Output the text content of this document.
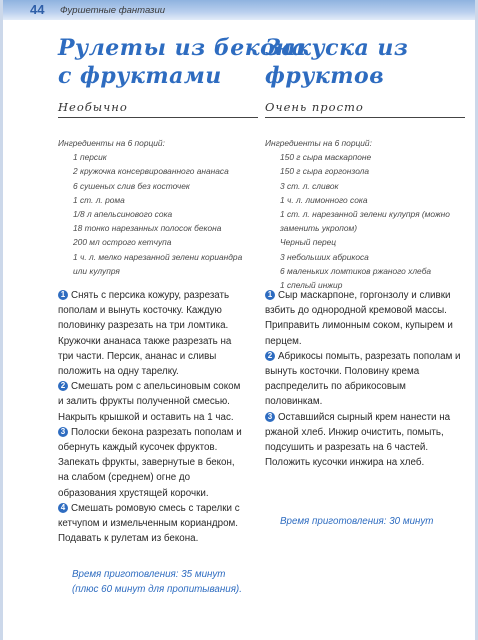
44 Фуршетные фантазии
Рулеты из бекона
с фруктами
Необычно
Ингредиенты на 6 порций:
1 персик
2 кружочка консервированного ананаса
6 сушеных слив без косточек
1 ст. л. рома
1/8 л апельсинового сока
18 тонко нарезанных полосок бекона
200 мл острого кетчупа
1 ч. л. мелко нарезанной зелени кориандра или кулупря

1 Снять с персика кожуру, разрезать пополам и вынуть косточку. Каждую половинку разрезать на три ломтика. Кружочки ананаса также разрезать на три части. Персик, ананас и сливы положить на одну тарелку.

2 Смешать ром с апельсиновым соком и залить фрукты полученной смесью. Накрыть крышкой и оставить на 1 час.

3 Полоски бекона разрезать пополам и обернуть каждый кусочек фруктов. Запекать фрукты, завернутые в бекон, на слабом (среднем) огне до образования хрустящей корочки.

4 Смешать ромовую смесь с тарелки с кетчупом и измельченным кориандром. Подавать к рулетам из бекона.

Время приготовления: 35 минут (плюс 60 минут для пропитывания).
Закуска из
фруктов
Очень просто
Ингредиенты на 6 порций:
150 г сыра маскарпоне
150 г сыра горгонзола
3 ст. л. сливок
1 ч. л. лимонного сока
1 ст. л. нарезанной зелени кулупря (можно заменить укропом)
Черный перец
3 небольших абрикоса
6 маленьких ломтиков ржаного хлеба
1 спелый инжир

1 Сыр маскарпоне, горгонзолу и сливки взбить до однородной кремовой массы. Приправить лимонным соком, купырем и перцем.

2 Абрикосы помыть, разрезать пополам и вынуть косточки. Половину крема распределить по абрикосовым половинкам.

3 Оставшийся сырный крем нанести на ржаной хлеб. Инжир очистить, помыть, подсушить и разрезать на 6 частей. Положить кусочки инжира на хлеб.

Время приготовления: 30 минут
